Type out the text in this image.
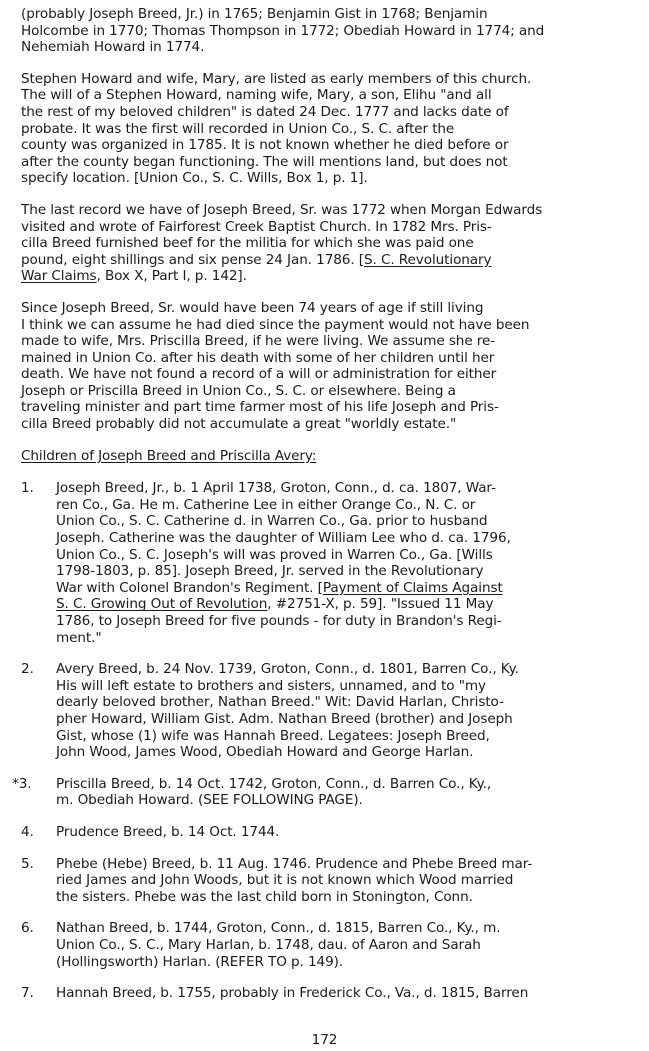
(probably Joseph Breed, Jr.) in 1765; Benjamin Gist in 1768; Benjamin
Holcombe in 1770; Thomas Thompson in 1772; Obediah Howard in 1774; and
Nehemiah Howard in 1774.

Stephen Howard and wife, Mary, are listed as early members of this church.
The will of a Stephen Howard, naming wife, Mary, a son, Elihu "and all
the rest of my beloved children" is dated 24 Dec. 1777 and lacks date of
probate. It was the first will recorded in Union Co., S. C. after the
county was organized in 1785. It is not known whether he died before or
after the county began functioning. The will mentions land, but does not
specify location. [Union Co., S. C. Wills, Box 1, p. 1].

The last record we have of Joseph Breed, Sr. was 1772 when Morgan Edwards
visited and wrote of Fairforest Creek Baptist Church. In 1782 Mrs. Pris-
cilla Breed furnished beef for the militia for which she was paid one
pound, eight shillings and six pense 24 Jan. 1786. [S. C. Revolutionary
War Claims, Box X, Part I, p. 142].

Since Joseph Breed, Sr. would have been 74 years of age if still living
I think we can assume he had died since the payment would not have been
made to wife, Mrs. Priscilla Breed, if he were living. We assume she re-
mained in Union Co. after his death with some of her children until her
death. We have not found a record of a will or administration for either
Joseph or Priscilla Breed in Union Co., S. C. or elsewhere. Being a
traveling minister and part time farmer most of his life Joseph and Pris-
cilla Breed probably did not accumulate a great "worldly estate."

Children of Joseph Breed and Priscilla Avery:

1.	Joseph Breed, Jr., b. 1 April 1738, Groton, Conn., d. ca. 1807, War-
ren Co., Ga. He m. Catherine Lee in either Orange Co., N. C. or
Union Co., S. C. Catherine d. in Warren Co., Ga. prior to husband
Joseph. Catherine was the daughter of William Lee who d. ca. 1796,
Union Co., S. C. Joseph's will was proved in Warren Co., Ga. [Wills
1798-1803, p. 85]. Joseph Breed, Jr. served in the Revolutionary
War with Colonel Brandon's Regiment. [Payment of Claims Against
S. C. Growing Out of Revolution, #2751-X, p. 59]. "Issued 11 May
1786, to Joseph Breed for five pounds - for duty in Brandon's Regi-
ment."
2.	Avery Breed, b. 24 Nov. 1739, Groton, Conn., d. 1801, Barren Co., Ky.
His will left estate to brothers and sisters, unnamed, and to "my
dearly beloved brother, Nathan Breed." Wit: David Harlan, Christo-
pher Howard, William Gist. Adm. Nathan Breed (brother) and Joseph
Gist, whose (1) wife was Hannah Breed. Legatees: Joseph Breed,
John Wood, James Wood, Obediah Howard and George Harlan.
*3.	Priscilla Breed, b. 14 Oct. 1742, Groton, Conn., d. Barren Co., Ky.,
m. Obediah Howard. (SEE FOLLOWING PAGE).
4.	Prudence Breed, b. 14 Oct. 1744.
5.	Phebe (Hebe) Breed, b. 11 Aug. 1746. Prudence and Phebe Breed mar-
ried James and John Woods, but it is not known which Wood married
the sisters. Phebe was the last child born in Stonington, Conn.
6.	Nathan Breed, b. 1744, Groton, Conn., d. 1815, Barren Co., Ky., m.
Union Co., S. C., Mary Harlan, b. 1748, dau. of Aaron and Sarah
(Hollingsworth) Harlan. (REFER TO p. 149).
7.	Hannah Breed, b. 1755, probably in Frederick Co., Va., d. 1815, Barren
172
